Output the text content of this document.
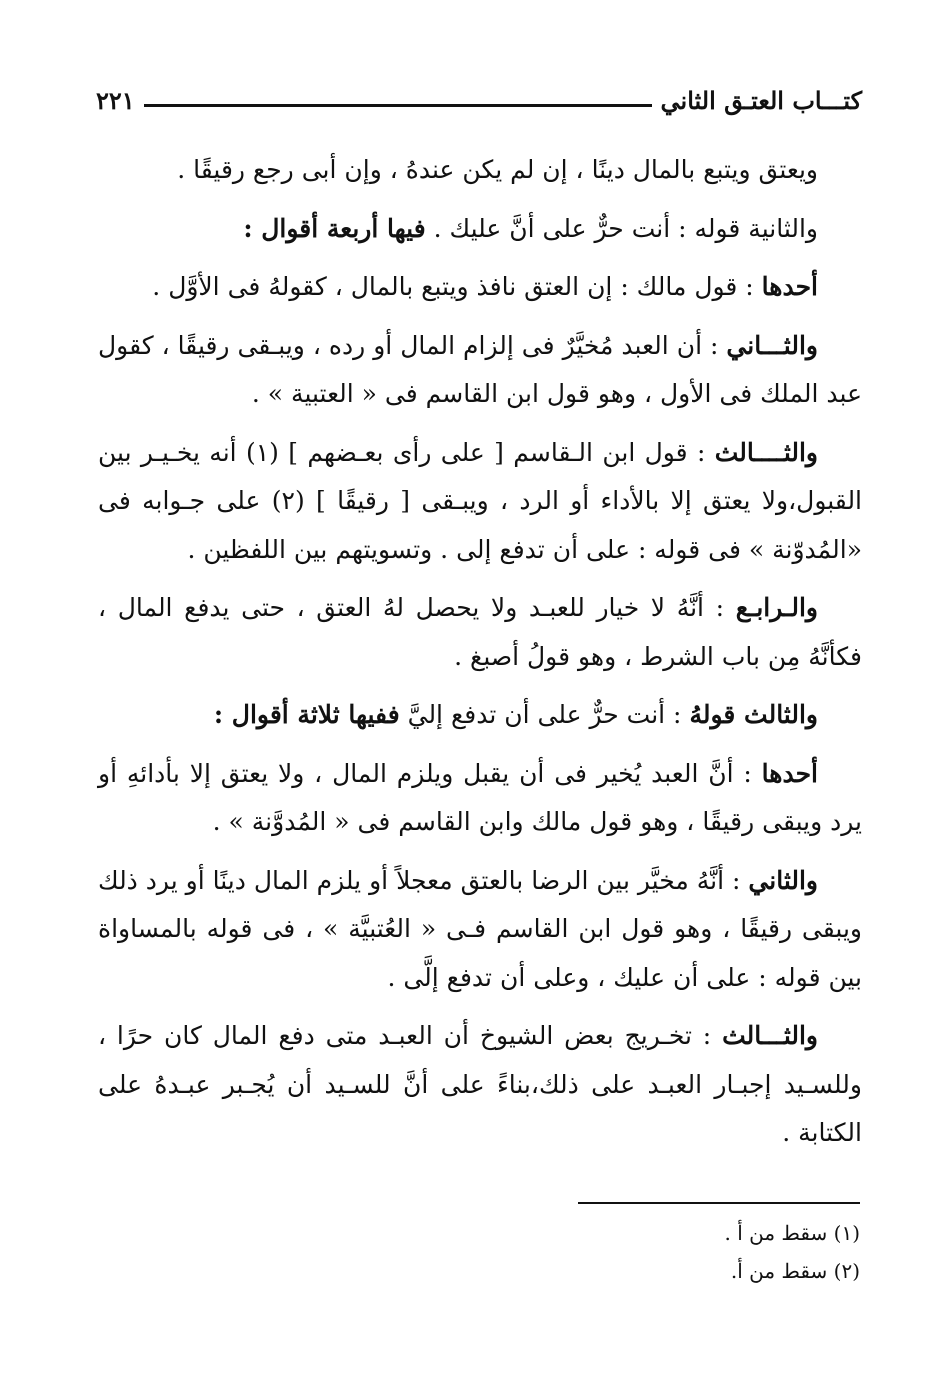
كتـــاب العتـق الثاني
٢٢١

ويعتق ويتبع بالمال دينًا ، إن لم يكن عندهُ ، وإن أبى رجع رقيقًا .

والثانية قوله : أنت حرٌّ على أنَّ عليك . فيها أربعة أقوال :

أحدها : قول مالك : إن العتق نافذ ويتبع بالمال ، كقولهُ فى الأوَّل .

والثـــاني : أن العبد مُخيَّرٌ فى إلزام المال أو رده ، ويبـقى رقيقًا ، كقول عبد الملك فى الأول ، وهو قول ابن القاسم فى « العتبية » .

والثــــالث : قول ابن الـقاسم [ على رأى بعـضهم ] (١) أنه يخـيـر بين القبول،ولا يعتق إلا بالأداء أو الرد ، ويبـقى [ رقيقًا ] (٢) على جـوابه فى «المُدوّنة » فى قوله : على أن تدفع إلى . وتسويتهم بين اللفظين .

والـرابـع : أنَّهُ لا خيار للعبـد ولا يحصل لهُ العتق ، حتى يدفع المال ، فكأنَّهُ مِن باب الشرط ، وهو قولُ أصبغ .

والثالث قولهُ : أنت حرٌّ على أن تدفع إليَّ ففيها ثلاثة أقوال :

أحدها : أنَّ العبد يُخير فى أن يقبل ويلزم المال ، ولا يعتق إلا بأدائهِ أو يرد ويبقى رقيقًا ، وهو قول مالك وابن القاسم فى « المُدوَّنة » .

والثاني : أنَّهُ مخيَّر بين الرضا بالعتق معجلاً أو يلزم المال دينًا أو يرد ذلك ويبقى رقيقًا ، وهو قول ابن القاسم فـى « العُتبيَّة » ، فى قوله بالمساواة بين قوله : على أن عليك ، وعلى أن تدفع إلَّى .

والثـــالث : تخـريج بعض الشيوخ أن العبـد متى دفع المال كان حرًا ، وللسـيد إجبـار العبـد على ذلك،بناءً على أنَّ للسـيد أن يُجـبر عبـدهُ على الكتابة .

(١) سقط من أ .

(٢) سقط من أ.
